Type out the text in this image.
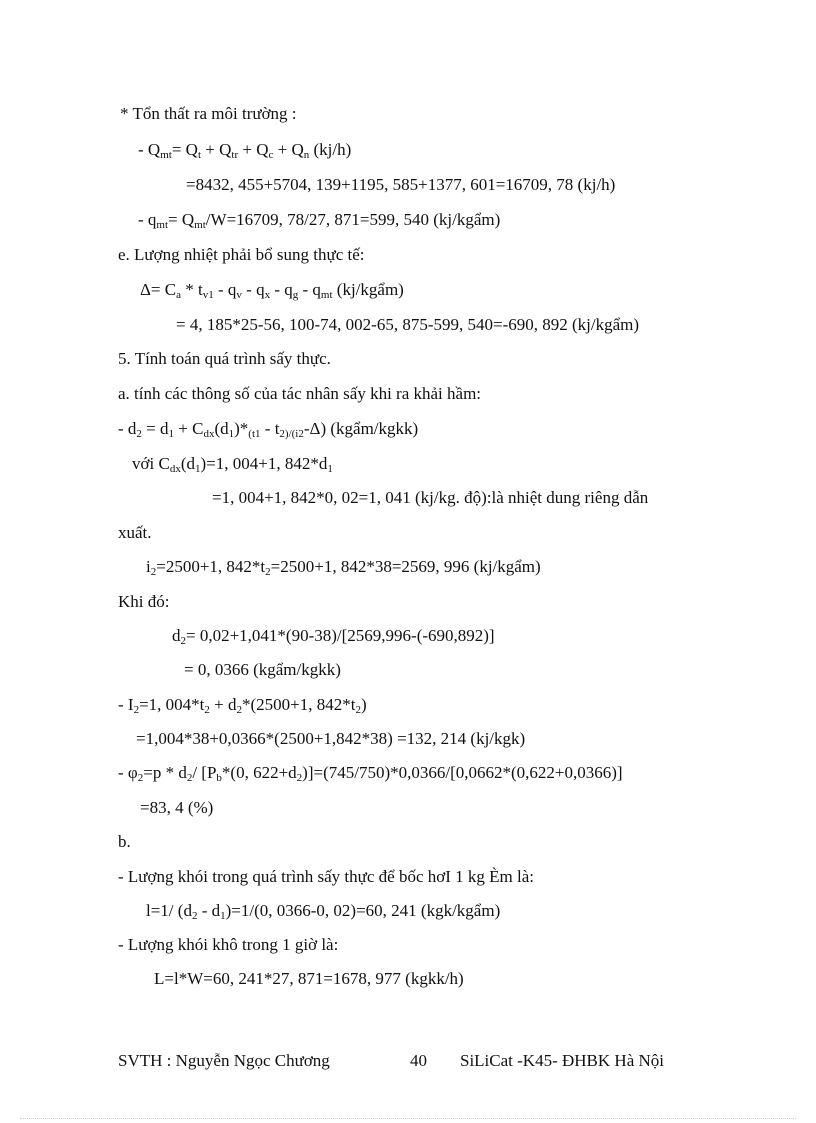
* Tổn thất ra môi trường :
- $Q_{mt}= Q_t + Q_{tr} + Q_c + Q_n$ (kj/h)
=8432, 455+5704, 139+1195, 585+1377, 601=16709, 78 (kj/h)
- $q_{mt}= Q_{mt}/W=16709$, 78/27, 871=599, 540 (kj/kgẩm)
e. Lượng nhiệt phải bổ sung thực tế:
$\Delta= C_a * t_{v1} - q_v - q_x - q_g - q_{mt}$ (kj/kgẩm)
= 4, 185*25-56, 100-74, 002-65, 875-599, 540=-690, 892 (kj/kgẩm)
5. Tính toán quá trình sấy thực.
a. tính các thông số của tác nhân sấy khi ra khải hầm:
- $d_2 = d_1 + C_{dx}(d_1)*_{(t1} - t_{2)/(i2}-\Delta$) (kgẩm/kgkk)
với $C_{dx}(d_1)=1$, 004+1, $842*d_1$
=1, 004+1, 842*0, 02=1, 041 (kj/kg. độ):là nhiệt dung riêng dẫn
xuất.
$i_2=2500+1$, $842*t_2=2500+1$, 842*38=2569, 996 (kj/kgẩm)
Khi đó:
$d_2= 0,02+1,041*(90-38)/[2569,996-(-690,892)]$
= 0, 0366 (kgẩm/kgkk)
- $I_2=1$, $004*t_2 + d_2*(2500+1$, $842*t_2$)
=1,004*38+0,0366*(2500+1,842*38) =132, 214 (kj/kgk)
- $\varphi_2=p * d_2/$ [$P_b*(0$, $622+d_2)]=(745/750)*0,0366/[0,0662*(0,622+0,0366)]$
=83, 4 (%)
b.
- Lượng khói trong quá trình sấy thực để bốc hơI 1 kg Èm là:
l=1/ $(d_2 - d_1)=1/(0$, 0366-0, 02)=60, 241 (kgk/kgẩm)
- Lượng khói khô trong 1 giờ là:
L=l*W=60, 241*27, 871=1678, 977 (kgkk/h)
SVTH : Nguyễn Ngọc Chương	40 SiLiCat -K45- ĐHBK Hà Nội
